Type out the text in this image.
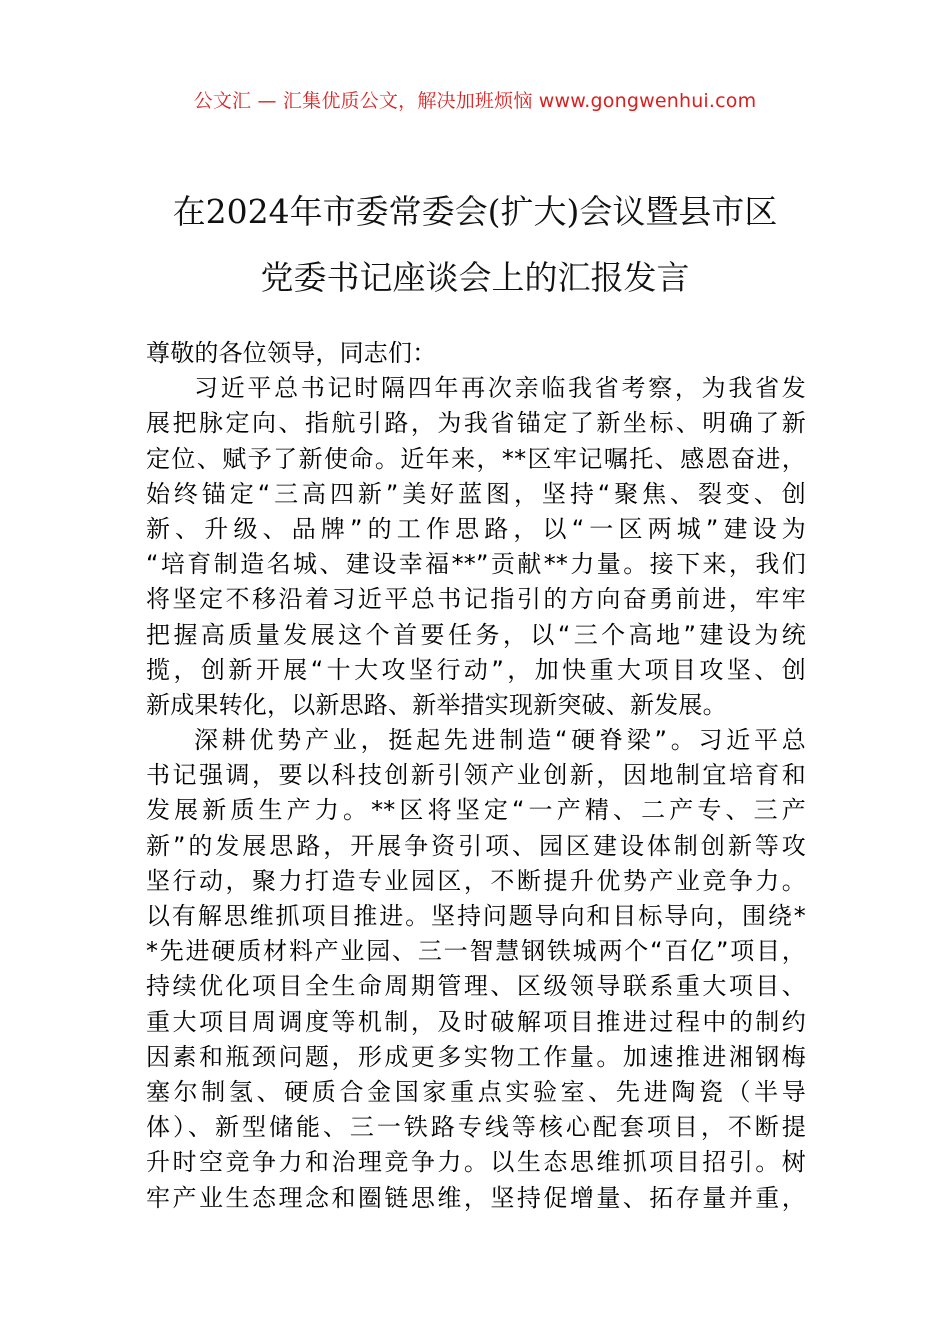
公文汇 — 汇集优质公文，解决加班烦恼 www.gongwenhui.com
在2024年市委常委会(扩大)会议暨县市区
党委书记座谈会上的汇报发言
尊敬的各位领导，同志们：
习近平总书记时隔四年再次亲临我省考察，为我省发
展把脉定向、指航引路，为我省锚定了新坐标、明确了新
定位、赋予了新使命。近年来，**区牢记嘱托、感恩奋进，
始终锚定“三高四新”美好蓝图，坚持“聚焦、裂变、创
新、升级、品牌”的工作思路，以“一区两城”建设为
“培育制造名城、建设幸福**”贡献**力量。接下来，我们
将坚定不移沿着习近平总书记指引的方向奋勇前进，牢牢
把握高质量发展这个首要任务，以“三个高地”建设为统
揽，创新开展“十大攻坚行动”，加快重大项目攻坚、创
新成果转化，以新思路、新举措实现新突破、新发展。
深耕优势产业，挺起先进制造“硬脊梁”。习近平总
书记强调，要以科技创新引领产业创新，因地制宜培育和
发展新质生产力。**区将坚定“一产精、二产专、三产
新”的发展思路，开展争资引项、园区建设体制创新等攻
坚行动，聚力打造专业园区，不断提升优势产业竞争力。
以有解思维抓项目推进。坚持问题导向和目标导向，围绕*
*先进硬质材料产业园、三一智慧钢铁城两个“百亿”项目，
持续优化项目全生命周期管理、区级领导联系重大项目、
重大项目周调度等机制，及时破解项目推进过程中的制约
因素和瓶颈问题，形成更多实物工作量。加速推进湘钢梅
塞尔制氢、硬质合金国家重点实验室、先进陶瓷（半导
体）、新型储能、三一铁路专线等核心配套项目，不断提
升时空竞争力和治理竞争力。以生态思维抓项目招引。树
牢产业生态理念和圈链思维，坚持促增量、拓存量并重，
